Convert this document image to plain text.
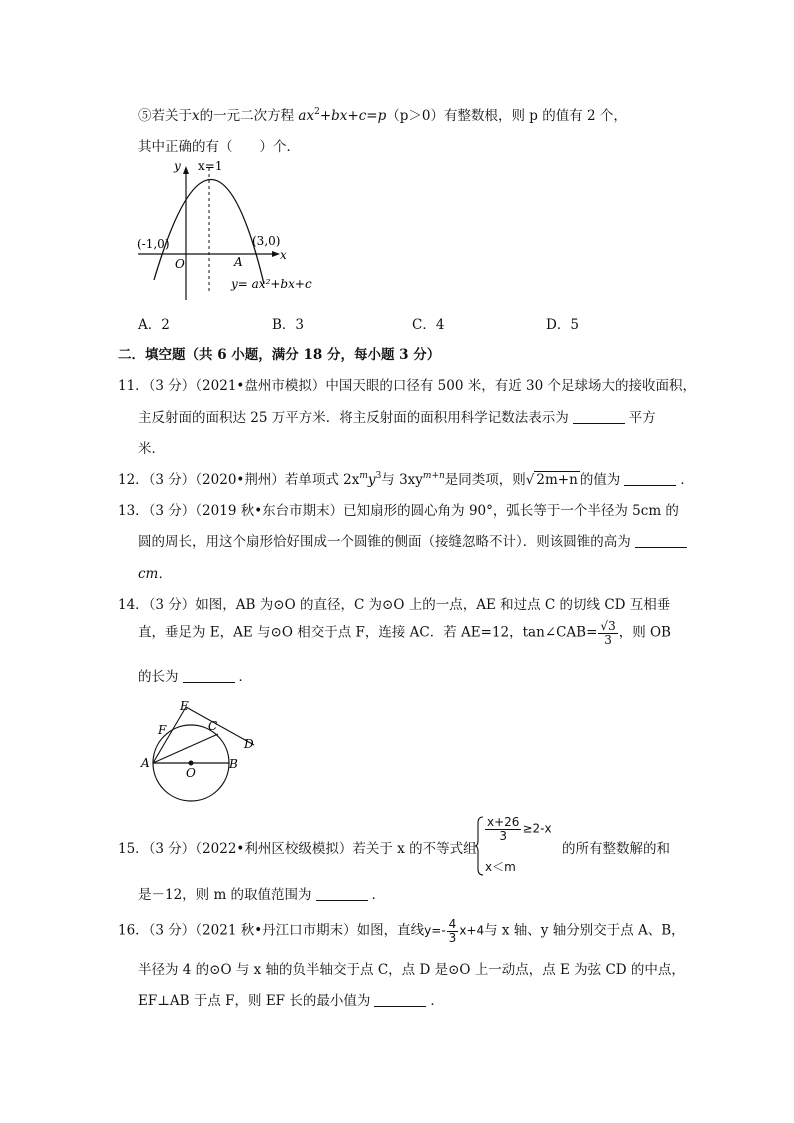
⑤若关于x的一元二次方程 $ax^2+bx+c=p(p>0)$有整数根，则 p 的值有 2 个，
其中正确的有（　　）个．
y x=1
x
O
(-1,0)	(3,0)
A
y= ax²+bx+c
A．2	B．3	C．4	D．5
二．填空题（共 6 小题，满分 18 分，每小题 3 分）
11．（3 分）（2021•盘州市模拟）中国天眼的口径有 500 米，有近 30 个足球场大的接收面积，
主反射面的面积达 25 万平方米．将主反射面的面积用科学记数法表示为	平方
米．
12．（3 分）（2020•荆州）若单项式 $2x^my^3$与 $3xy^{m+n}$是同类项，则√ 2m+n 的值为	．
13．（3 分）（2019 秋•东台市期末）已知扇形的圆心角为 90°，弧长等于一个半径为 5cm 的
圆的周长，用这个扇形恰好围成一个圆锥的侧面（接缝忽略不计）．则该圆锥的高为
cm．
14．（3 分）如图，AB 为⊙O 的直径，C 为⊙O 上的一点，AE 和过点 C 的切线 CD 互相垂
直，垂足为 E，AE 与⊙O 相交于点 F，连接 AC．若 AE=12，tan∠CAB= $\frac{√3}{3}$ ，则 OB
的长为	．
E
F	C
D
A
O
B
15．（3 分）（2022•利州区校级模拟）若关于 x 的不等式组
$\frac{x+26}{3} \ge 2-x$
x＜m
的所有整数解的和
是－12，则 m 的取值范围为	．
16．（3 分）（2021 秋•丹江口市期末）如图，直线$y=- \frac{4}{3} x+4$与 x 轴、y 轴分别交于点 A、B，
半径为 4 的⊙O 与 x 轴的负半轴交于点 C，点 D 是⊙O 上一动点，点 E 为弦 CD 的中点，
EF⊥AB 于点 F，则 EF 长的最小值为	．
